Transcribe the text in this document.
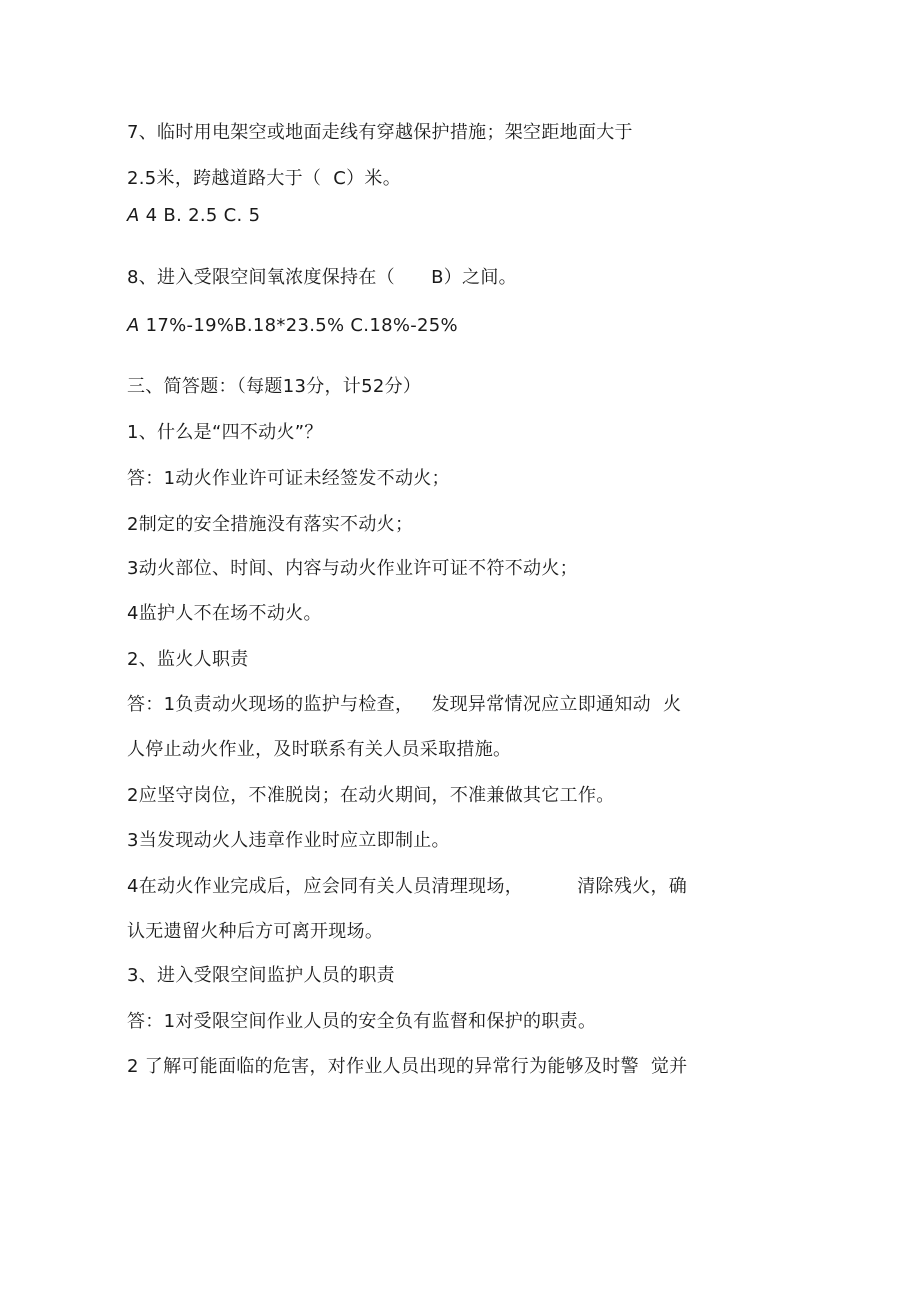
7、临时用电架空或地面走线有穿越保护措施；架空距地面大于
2.5米，跨越道路大于（  C）米。
A 4 B. 2.5 C. 5
8、进入受限空间氧浓度保持在（      B）之间。
A 17%-19%B.18*23.5% C.18%-25%
三、简答题：（每题13分，计52分）
1、什么是“四不动火”？
答：1动火作业许可证未经签发不动火；
2制定的安全措施没有落实不动火；
3动火部位、时间、内容与动火作业许可证不符不动火；
4监护人不在场不动火。
2、监火人职责
答：1负责动火现场的监护与检查，   发现异常情况应立即通知动  火
人停止动火作业，及时联系有关人员采取措施。
2应坚守岗位，不准脱岗；在动火期间，不准兼做其它工作。
3当发现动火人违章作业时应立即制止。
4在动火作业完成后，应会同有关人员清理现场，         清除残火，确
认无遗留火种后方可离开现场。
3、进入受限空间监护人员的职责
答：1对受限空间作业人员的安全负有监督和保护的职责。
2 了解可能面临的危害，对作业人员出现的异常行为能够及时警  觉并
